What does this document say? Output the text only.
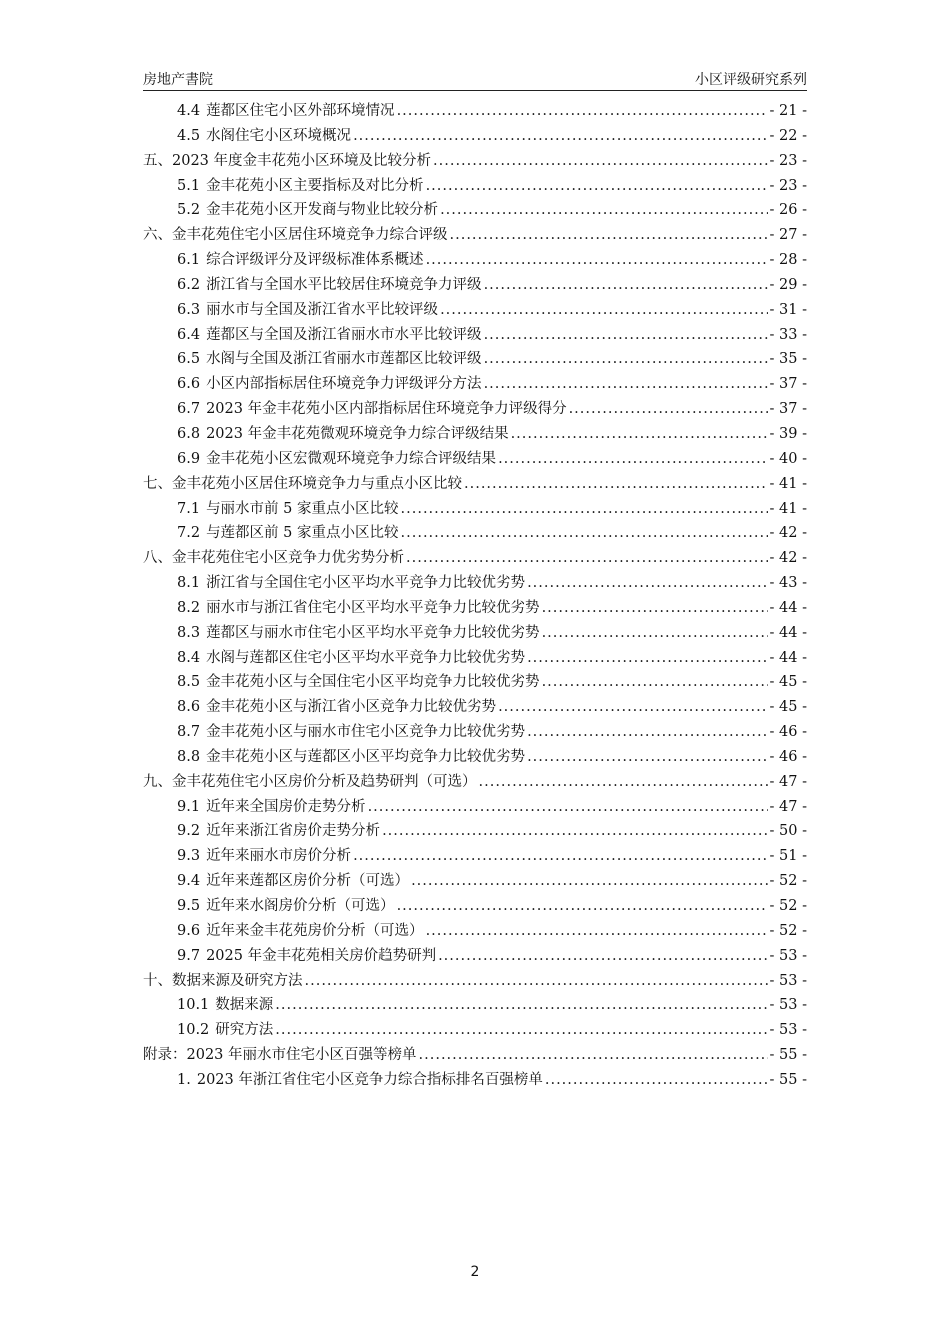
房地产書院	小区评级研究系列
4.4 莲都区住宅小区外部环境情况 .....	- 21 -
4.5 水阁住宅小区环境概况 .....	- 22 -
五、2023 年度金丰花苑小区环境及比较分析 .....	- 23 -
5.1 金丰花苑小区主要指标及对比分析 .....	- 23 -
5.2 金丰花苑小区开发商与物业比较分析 .....	- 26 -
六、金丰花苑住宅小区居住环境竞争力综合评级 .....	- 27 -
6.1 综合评级评分及评级标准体系概述 .....	- 28 -
6.2 浙江省与全国水平比较居住环境竞争力评级 .....	- 29 -
6.3 丽水市与全国及浙江省水平比较评级 .....	- 31 -
6.4 莲都区与全国及浙江省丽水市水平比较评级 .....	- 33 -
6.5 水阁与全国及浙江省丽水市莲都区比较评级 .....	- 35 -
6.6 小区内部指标居住环境竞争力评级评分方法 .....	- 37 -
6.7 2023 年金丰花苑小区内部指标居住环境竞争力评级得分 .....	- 37 -
6.8 2023 年金丰花苑微观环境竞争力综合评级结果 .....	- 39 -
6.9 金丰花苑小区宏微观环境竞争力综合评级结果 .....	- 40 -
七、金丰花苑小区居住环境竞争力与重点小区比较 .....	- 41 -
7.1 与丽水市前 5 家重点小区比较 .....	- 41 -
7.2 与莲都区前 5 家重点小区比较 .....	- 42 -
八、金丰花苑住宅小区竞争力优劣势分析 .....	- 42 -
8.1 浙江省与全国住宅小区平均水平竞争力比较优劣势 .....	- 43 -
8.2 丽水市与浙江省住宅小区平均水平竞争力比较优劣势 .....	- 44 -
8.3 莲都区与丽水市住宅小区平均水平竞争力比较优劣势 .....	- 44 -
8.4 水阁与莲都区住宅小区平均水平竞争力比较优劣势 .....	- 44 -
8.5 金丰花苑小区与全国住宅小区平均竞争力比较优劣势 .....	- 45 -
8.6 金丰花苑小区与浙江省小区竞争力比较优劣势 .....	- 45 -
8.7 金丰花苑小区与丽水市住宅小区竞争力比较优劣势 .....	- 46 -
8.8 金丰花苑小区与莲都区小区平均竞争力比较优劣势 .....	- 46 -
九、金丰花苑住宅小区房价分析及趋势研判（可选） .....	- 47 -
9.1 近年来全国房价走势分析 .....	- 47 -
9.2 近年来浙江省房价走势分析 .....	- 50 -
9.3 近年来丽水市房价分析 .....	- 51 -
9.4 近年来莲都区房价分析（可选） .....	- 52 -
9.5 近年来水阁房价分析（可选） .....	- 52 -
9.6 近年来金丰花苑房价分析（可选） .....	- 52 -
9.7 2025 年金丰花苑相关房价趋势研判 .....	- 53 -
十、数据来源及研究方法 .....	- 53 -
10.1 数据来源 .....	- 53 -
10.2 研究方法 .....	- 53 -
附录：2023 年丽水市住宅小区百强等榜单 .....	- 55 -
1. 2023 年浙江省住宅小区竞争力综合指标排名百强榜单 .....	- 55 -
2
